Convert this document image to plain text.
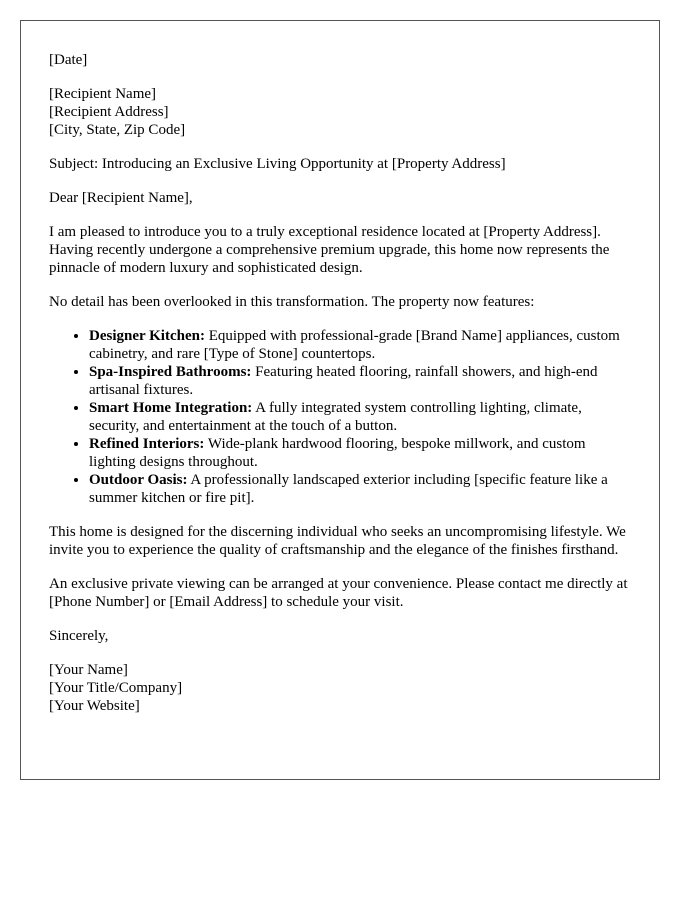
[Date]

[Recipient Name]
[Recipient Address]
[City, State, Zip Code]

Subject: Introducing an Exclusive Living Opportunity at [Property Address]

Dear [Recipient Name],

I am pleased to introduce you to a truly exceptional residence located at [Property Address]. Having recently undergone a comprehensive premium upgrade, this home now represents the pinnacle of modern luxury and sophisticated design.

No detail has been overlooked in this transformation. The property now features:

• Designer Kitchen: Equipped with professional-grade [Brand Name] appliances, custom cabinetry, and rare [Type of Stone] countertops.
• Spa-Inspired Bathrooms: Featuring heated flooring, rainfall showers, and high-end artisanal fixtures.
• Smart Home Integration: A fully integrated system controlling lighting, climate, security, and entertainment at the touch of a button.
• Refined Interiors: Wide-plank hardwood flooring, bespoke millwork, and custom lighting designs throughout.
• Outdoor Oasis: A professionally landscaped exterior including [specific feature like a summer kitchen or fire pit].

This home is designed for the discerning individual who seeks an uncompromising lifestyle. We invite you to experience the quality of craftsmanship and the elegance of the finishes firsthand.

An exclusive private viewing can be arranged at your convenience. Please contact me directly at [Phone Number] or [Email Address] to schedule your visit.

Sincerely,

[Your Name]
[Your Title/Company]
[Your Website]
